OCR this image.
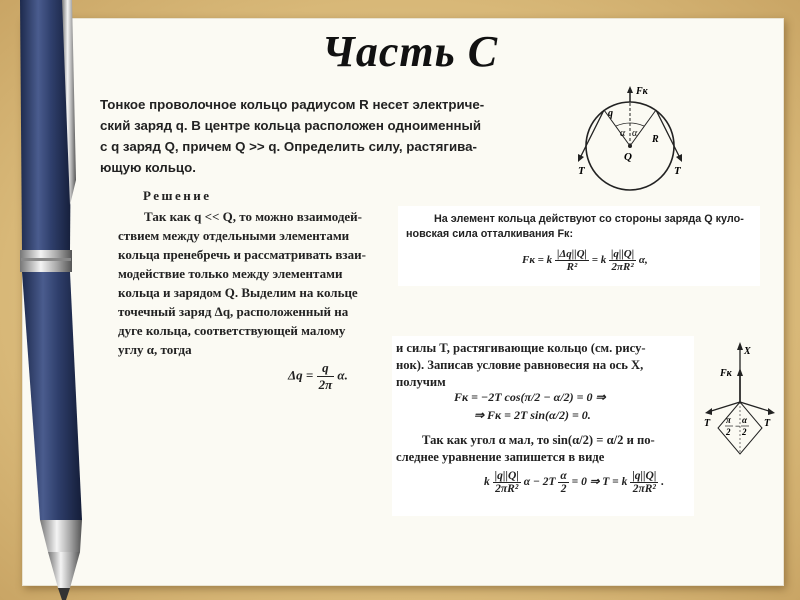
Часть С
Тонкое проволочное кольцо радиусом R несет электриче-
ский заряд q. В центре кольца расположен одноименный
с q заряд Q, причем Q >> q. Определить силу, растягива-
ющую кольцо.
Fк
q
α α
Q
R
T	T
Решение
Так как q << Q, то можно взаимодей-
ствием между отдельными элементами
кольца пренебречь и рассматривать взаи-
модействие только между элементами
кольца и зарядом Q. Выделим на кольце
точечный заряд Δq, расположенный на
дуге кольца, соответствующей малому
углу α, тогда
$\Delta q = \frac{q}{2\pi} \alpha$.
На элемент кольца действуют со стороны заряда Q куло-новская сила отталкивания Fк:
Fк = k $\frac{|\Delta q||Q|}{\text{R²}} = k \frac{|q||Q|}{\text{2πR²}} \alpha$,
и силы T, растягивающие кольцо (см. рису-
нок). Записав условие равновесия на ось X,
получим
Fк = −2T cos(π/2 − α/2) = 0 ⇒
⇒ Fк = 2T sin(α/2) = 0.
Так как угол α мал, то sin(α/2) = α/2 и по-
следнее уравнение запишется в виде
k $\frac{|q||Q|}{\text{2πR²}}$ $\alpha - 2T \frac{\alpha}{2} = 0$ ⇒ T = k $\frac{|q||Q|}{\text{2πR²}}$ .
X
Fк
T	T
π
2
−
α
2
